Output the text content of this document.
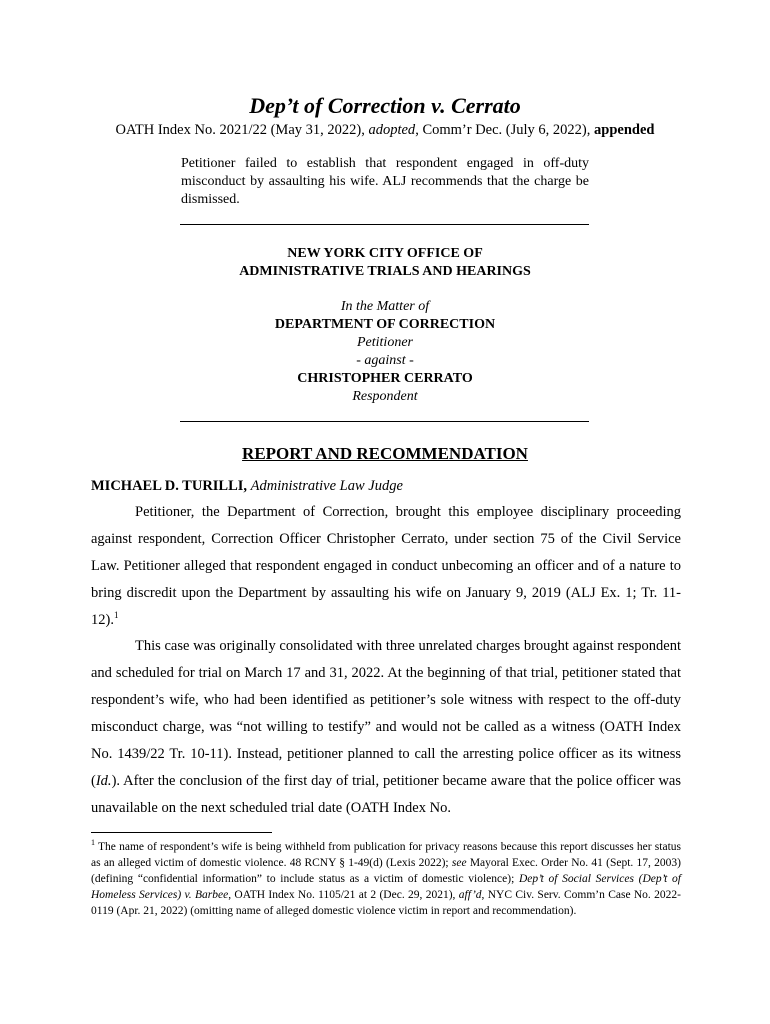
Dep’t of Correction v. Cerrato
OATH Index No. 2021/22 (May 31, 2022), adopted, Comm’r Dec. (July 6, 2022), appended
Petitioner failed to establish that respondent engaged in off-duty misconduct by assaulting his wife. ALJ recommends that the charge be dismissed.
NEW YORK CITY OFFICE OF
ADMINISTRATIVE TRIALS AND HEARINGS
In the Matter of
DEPARTMENT OF CORRECTION
Petitioner
- against -
CHRISTOPHER CERRATO
Respondent
REPORT AND RECOMMENDATION
MICHAEL D. TURILLI, Administrative Law Judge

Petitioner, the Department of Correction, brought this employee disciplinary proceeding against respondent, Correction Officer Christopher Cerrato, under section 75 of the Civil Service Law. Petitioner alleged that respondent engaged in conduct unbecoming an officer and of a nature to bring discredit upon the Department by assaulting his wife on January 9, 2019 (ALJ Ex. 1; Tr. 11-12).$^1$

This case was originally consolidated with three unrelated charges brought against respondent and scheduled for trial on March 17 and 31, 2022. At the beginning of that trial, petitioner stated that respondent’s wife, who had been identified as petitioner’s sole witness with respect to the off-duty misconduct charge, was “not willing to testify” and would not be called as a witness (OATH Index No. 1439/22 Tr. 10-11). Instead, petitioner planned to call the arresting police officer as its witness (Id.). After the conclusion of the first day of trial, petitioner became aware that the police officer was unavailable on the next scheduled trial date (OATH Index No.

$^1$ The name of respondent’s wife is being withheld from publication for privacy reasons because this report discusses her status as an alleged victim of domestic violence. 48 RCNY § 1-49(d) (Lexis 2022); see Mayoral Exec. Order No. 41 (Sept. 17, 2003) (defining “confidential information” to include status as a victim of domestic violence); Dep’t of Social Services (Dep’t of Homeless Services) v. Barbee, OATH Index No. 1105/21 at 2 (Dec. 29, 2021), aff’d, NYC Civ. Serv. Comm’n Case No. 2022-0119 (Apr. 21, 2022) (omitting name of alleged domestic violence victim in report and recommendation).
